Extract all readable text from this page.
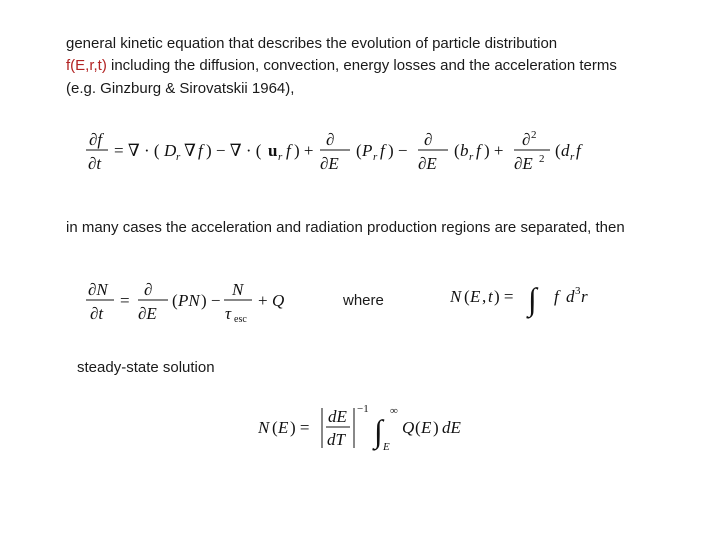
general kinetic equation that describes the evolution of particle distribution
f(E,r,t) including the diffusion, convection, energy losses and the acceleration terms
(e.g. Ginzburg & Sirovatskii 1964),
∂f
∂t
= ∇ · ( D r ∇ f ) − ∇ · ( u r f ) +
∂
∂E
( P r f ) −
∂
∂E
( b r f ) +
∂ 2
∂E 2 ( d r f
in many cases the acceleration and radiation production regions are separated, then
∂N
∂t
=
∂
∂E
( PN ) −
N
τ esc
+ Q	where	N ( E , t ) = ∫ f d 3 r
steady-state solution
N ( E ) =
dE
dT
−1
∫
∞
E
Q ( E ) dE
